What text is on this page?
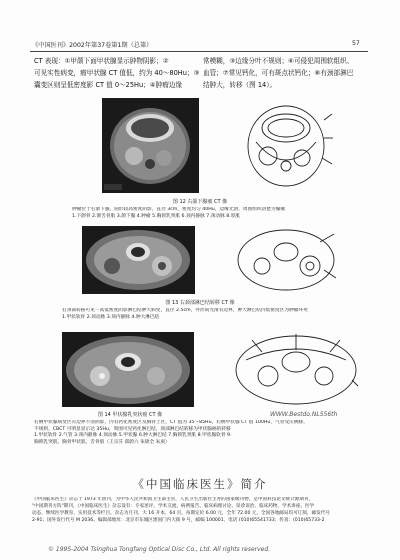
《中国医刊》2002年第37卷第1期（总第）	57
CT 表现：①甲颌下面甲状腺显示肿物阴影；②
可见实性病变，瘤甲状腺 CT 值低，约为 40～80Hu；③
囊变区则呈低密度影 CT 值 0～25Hu；④肿瘤边缘
常模糊，③边缘分叶不规则；⑥可侵犯周围软组织、
血管；⑦常见钙化，可有斑点状钙化；⑧有颈部淋巴
结肿大，转移（图 14）。
图 12 右颌下腺瘤 CT 像
肿瘤位于右颌下腺，圆形较高密度阴影，直径 3cm，密度均匀 40Hu，边缘光滑，周围组织清楚为腺瘤
1.下颌骨 2.颌舌骨肌 3.颌下腺 4.肿瘤 5.胸锁乳突肌 6.颈内静脉 7.颈动脉 8.咬肌
图 13 右颈部淋巴结转移 CT 像
右颈部转移可见一高低密度阴影淋巴结肿大病变，直径 2.5cm，外形尚光滑有边界，肿大淋巴结内低密度区为肿瘤坏死
1.甲状软骨 2.颈动脉 3.颈内静脉 4.肿大淋巴结
WWW.Bestdo.NL556th
图 14 甲状腺乳突状癌 CT 像
右侧甲状腺病变区有边界不清阴影，内有钙化密度区及胸骨上区，CT 值为 35～85Hu，右侧甲状腺 CT 值 100Hu，气管受压侧移，
不规则，CBCT 可明显显示达 35Hu，周围可见钙化淋巴结，颈部淋巴结转移为甲状腺癌的转移
1.甲状软骨 2.气管 3.颈内静脉 4.颈动脉 5.甲状腺 6.肿大淋巴结 7.胸锁乳突肌 8.甲状腺软骨 9.
胸锁乳突肌，胸骨甲状肌，舌骨肌（王宗芬 邱蔚六 朱锦全 朱庚）
《中国临床医生》简介
《中国临床医生》杂志于 1973 年创刊，为中华人民共和国卫生部主管，人民卫生出版社主办的国家级刊物，是中国科技论文统计源期刊，
"中国期刊方阵"期刊，《中国临床医生》杂志设有：专家述评、学术交流、病例报告、临床病理讨论、误诊误治、临床药物、学术讲座、医学
动态、继续医学教育、实用技术等栏目。杂志为月刊，大 16 开本，64 页，每期定价 6.00 元，全年 72.00 元，全国各地邮局均可订阅，邮发代号
2-91；国外发行代号 M 2036。编辑部地址：北京市东城区建国门内大街 9 号，邮编 100001，电话 (010)65541733；传真：(010)65733-2
© 1995-2004 Tsinghua Tongfang Optical Disc Co., Ltd. All rights reserved.
